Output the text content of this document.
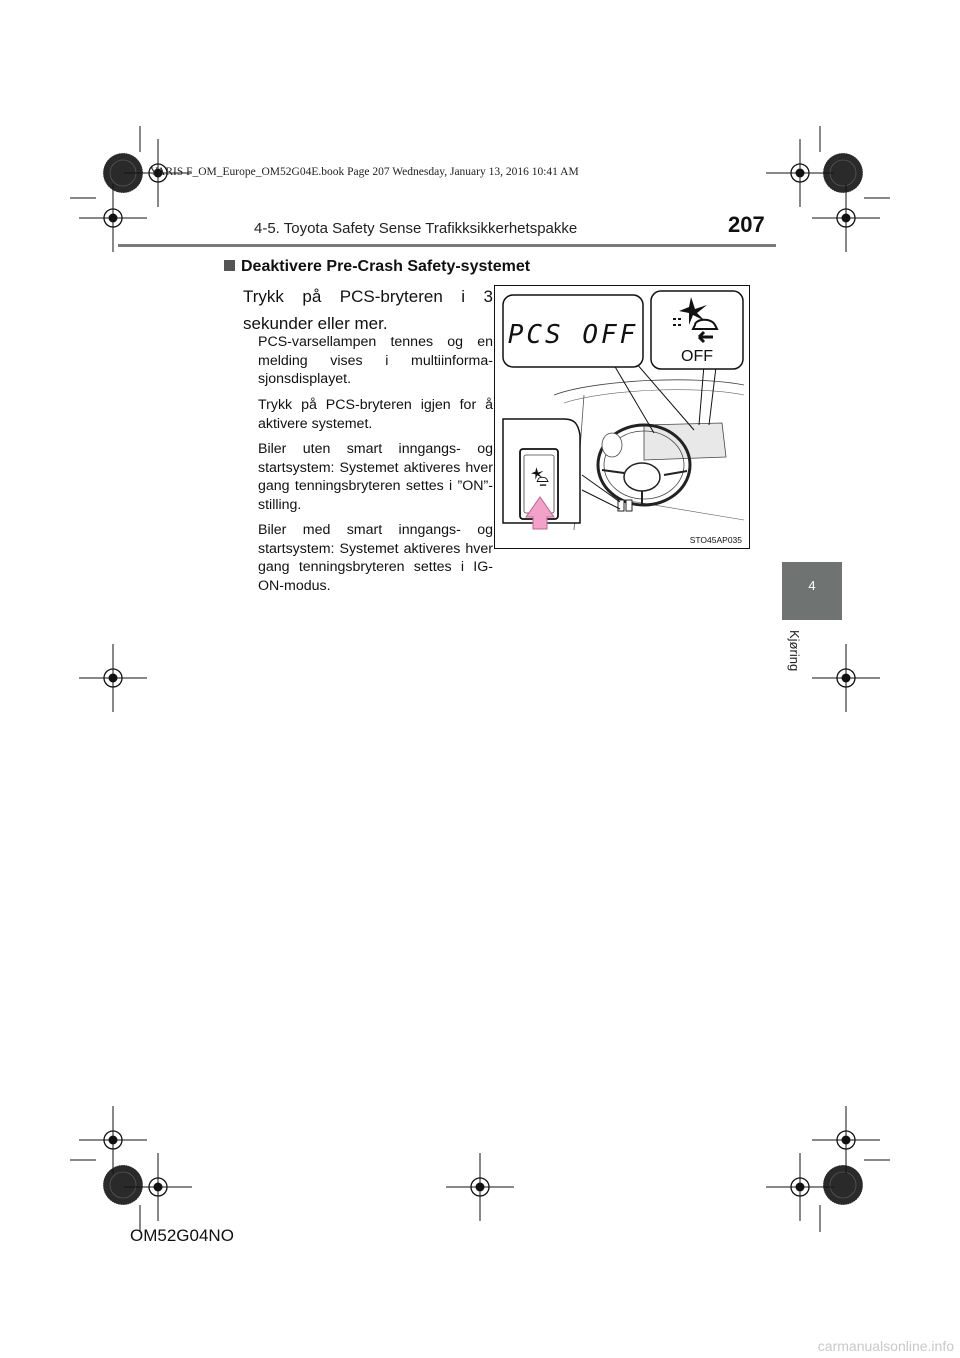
YARIS F_OM_Europe_OM52G04E.book Page 207 Wednesday, January 13, 2016 10:41 AM
4-5. Toyota Safety Sense Trafikksikkerhetspakke	207
4
Kjøring
Deaktivere Pre-Crash Safety-systemet
Trykk på PCS-bryteren i 3 sekunder eller mer.
PCS-varsellampen tennes og en melding vises i multiinforma-sjonsdisplayet.
Trykk på PCS-bryteren igjen for å aktivere systemet.
Biler uten smart inngangs- og startsystem: Systemet aktiveres hver gang tenningsbryteren settes i ”ON”-stilling.
Biler med smart inngangs- og startsystem: Systemet aktiveres hver gang tenningsbryteren settes i IG-ON-modus.
PCS OFF
OFF
STO45AP035
OM52G04NO
carmanualsonline.info
